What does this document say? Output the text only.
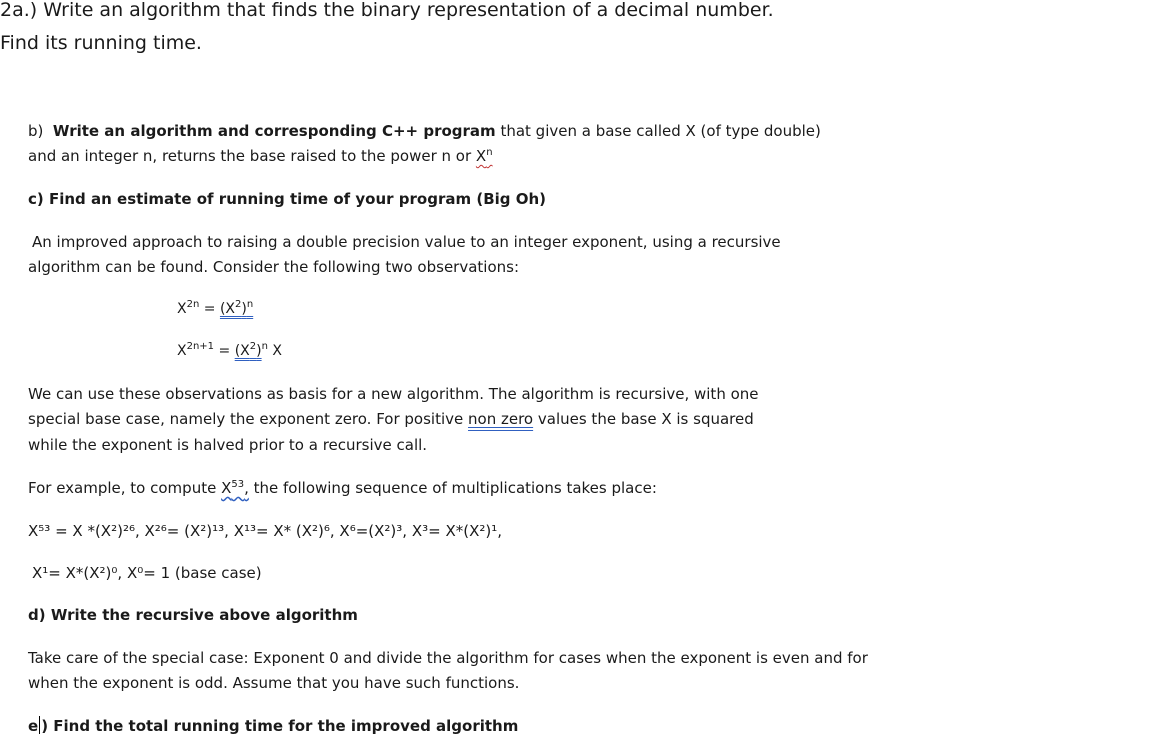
2a.) Write an algorithm that finds the binary representation of a decimal number.
Find its running time.
b) Write an algorithm and corresponding C++ program that given a base called X (of type double)
and an integer n, returns the base raised to the power n or $X^n$
c) Find an estimate of running time of your program (Big Oh)
An improved approach to raising a double precision value to an integer exponent, using a recursive
algorithm can be found. Consider the following two observations:
$X^{2n} = (X^2)^n$
$X^{2n+1} = (X^2)^n$ X
We can use these observations as basis for a new algorithm. The algorithm is recursive, with one
special base case, namely the exponent zero. For positive non zero values the base X is squared
while the exponent is halved prior to a recursive call.
For example, to compute $X^{53}$, the following sequence of multiplications takes place:
X⁵³ = X *(X²)²⁶, X²⁶= (X²)¹³, X¹³= X* (X²)⁶, X⁶=(X²)³, X³= X*(X²)¹,
X¹= X*(X²)⁰, X⁰= 1 (base case)
d) Write the recursive above algorithm
Take care of the special case: Exponent 0 and divide the algorithm for cases when the exponent is even and for
when the exponent is odd. Assume that you have such functions.
e ) Find the total running time for the improved algorithm
